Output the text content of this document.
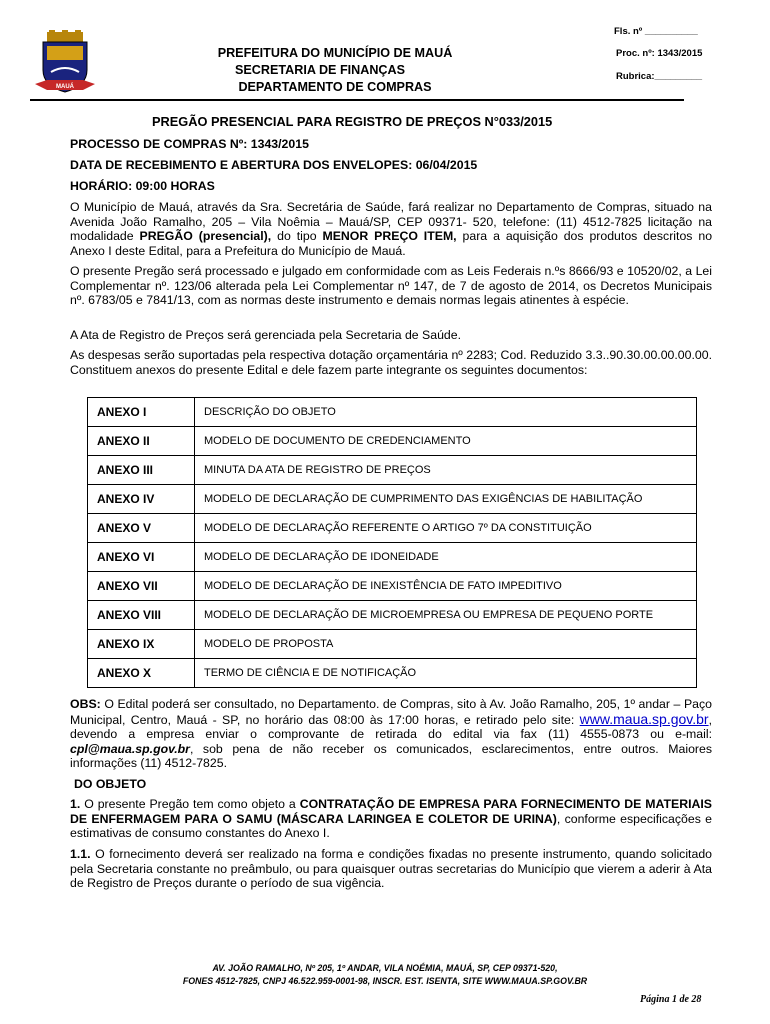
MAUÁ
PREFEITURA DO MUNICÍPIO DE MAUÁ
SECRETARIA DE FINANÇAS
DEPARTAMENTO DE COMPRAS
Fls. nº __________
Proc. nº: 1343/2015
Rubrica:_________
PREGÃO PRESENCIAL PARA REGISTRO DE PREÇOS N°033/2015
PROCESSO DE COMPRAS Nº: 1343/2015
DATA DE RECEBIMENTO E ABERTURA DOS ENVELOPES: 06/04/2015
HORÁRIO: 09:00 HORAS
O Município de Mauá, através da Sra. Secretária de Saúde, fará realizar no Departamento de Compras, situado na Avenida João Ramalho, 205 – Vila Noêmia – Mauá/SP, CEP 09371- 520, telefone: (11) 4512-7825 licitação na modalidade PREGÃO (presencial), do tipo MENOR PREÇO ITEM, para a aquisição dos produtos descritos no Anexo I deste Edital, para a Prefeitura do Município de Mauá.
O presente Pregão será processado e julgado em conformidade com as Leis Federais n.ºs 8666/93 e 10520/02, a Lei Complementar nº. 123/06 alterada pela Lei Complementar nº 147, de 7 de agosto de 2014, os Decretos Municipais nº. 6783/05 e 7841/13, com as normas deste instrumento e demais normas legais atinentes à espécie.
A Ata de Registro de Preços será gerenciada pela Secretaria de Saúde.
As despesas serão suportadas pela respectiva dotação orçamentária nº 2283; Cod. Reduzido 3.3..90.30.00.00.00.00. Constituem anexos do presente Edital e dele fazem parte integrante os seguintes documentos:
ANEXO I	DESCRIÇÃO DO OBJETO
ANEXO II	MODELO DE DOCUMENTO DE CREDENCIAMENTO
ANEXO III	MINUTA DA ATA DE REGISTRO DE PREÇOS
ANEXO IV	MODELO DE DECLARAÇÃO DE CUMPRIMENTO DAS EXIGÊNCIAS DE HABILITAÇÃO
ANEXO V	MODELO DE DECLARAÇÃO REFERENTE O ARTIGO 7º DA CONSTITUIÇÃO
ANEXO VI	MODELO DE DECLARAÇÃO DE IDONEIDADE
ANEXO VII	MODELO DE DECLARAÇÃO DE INEXISTÊNCIA DE FATO IMPEDITIVO
ANEXO VIII	MODELO DE DECLARAÇÃO DE MICROEMPRESA OU EMPRESA DE PEQUENO PORTE
ANEXO IX	MODELO DE PROPOSTA
ANEXO X	TERMO DE CIÊNCIA E DE NOTIFICAÇÃO
OBS: O Edital poderá ser consultado, no Departamento. de Compras, sito à Av. João Ramalho, 205, 1º andar – Paço Municipal, Centro, Mauá - SP, no horário das 08:00 às 17:00 horas, e retirado pelo site: www.maua.sp.gov.br, devendo a empresa enviar o comprovante de retirada do edital via fax (11) 4555-0873 ou e-mail: cpl@maua.sp.gov.br, sob pena de não receber os comunicados, esclarecimentos, entre outros. Maiores informações (11) 4512-7825.
DO OBJETO
1. O presente Pregão tem como objeto a CONTRATAÇÃO DE EMPRESA PARA FORNECIMENTO DE MATERIAIS DE ENFERMAGEM PARA O SAMU (MÁSCARA LARINGEA E COLETOR DE URINA), conforme especificações e estimativas de consumo constantes do Anexo I.
1.1. O fornecimento deverá ser realizado na forma e condições fixadas no presente instrumento, quando solicitado pela Secretaria constante no preâmbulo, ou para quaisquer outras secretarias do Município que vierem a aderir à Ata de Registro de Preços durante o período de sua vigência.
AV. JOÃO RAMALHO, Nº 205, 1º ANDAR, VILA NOÉMIA, MAUÁ, SP, CEP 09371-520,
FONES 4512-7825, CNPJ 46.522.959-0001-98, INSCR. EST. ISENTA, SITE WWW.MAUA.SP.GOV.BR
Página 1 de 28
